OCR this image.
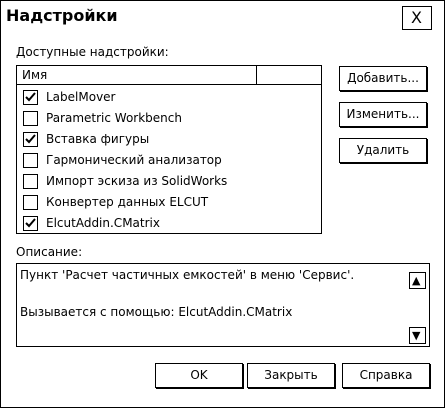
Надстройки	X
Доступные надстройки:
Имя
LabelMover
Parametric Workbench
Вставка фигуры
Гармонический анализатор
Импорт эскиза из SolidWorks
Конвертер данных ELCUT
ElcutAddin.CMatrix
Добавить...
Изменить...
Удалить
Описание:
Пункт 'Расчет частичных емкостей' в меню 'Сервис'.
Вызывается с помощью: ElcutAddin.CMatrix
▲
▼
OK	Закрыть	Справка
